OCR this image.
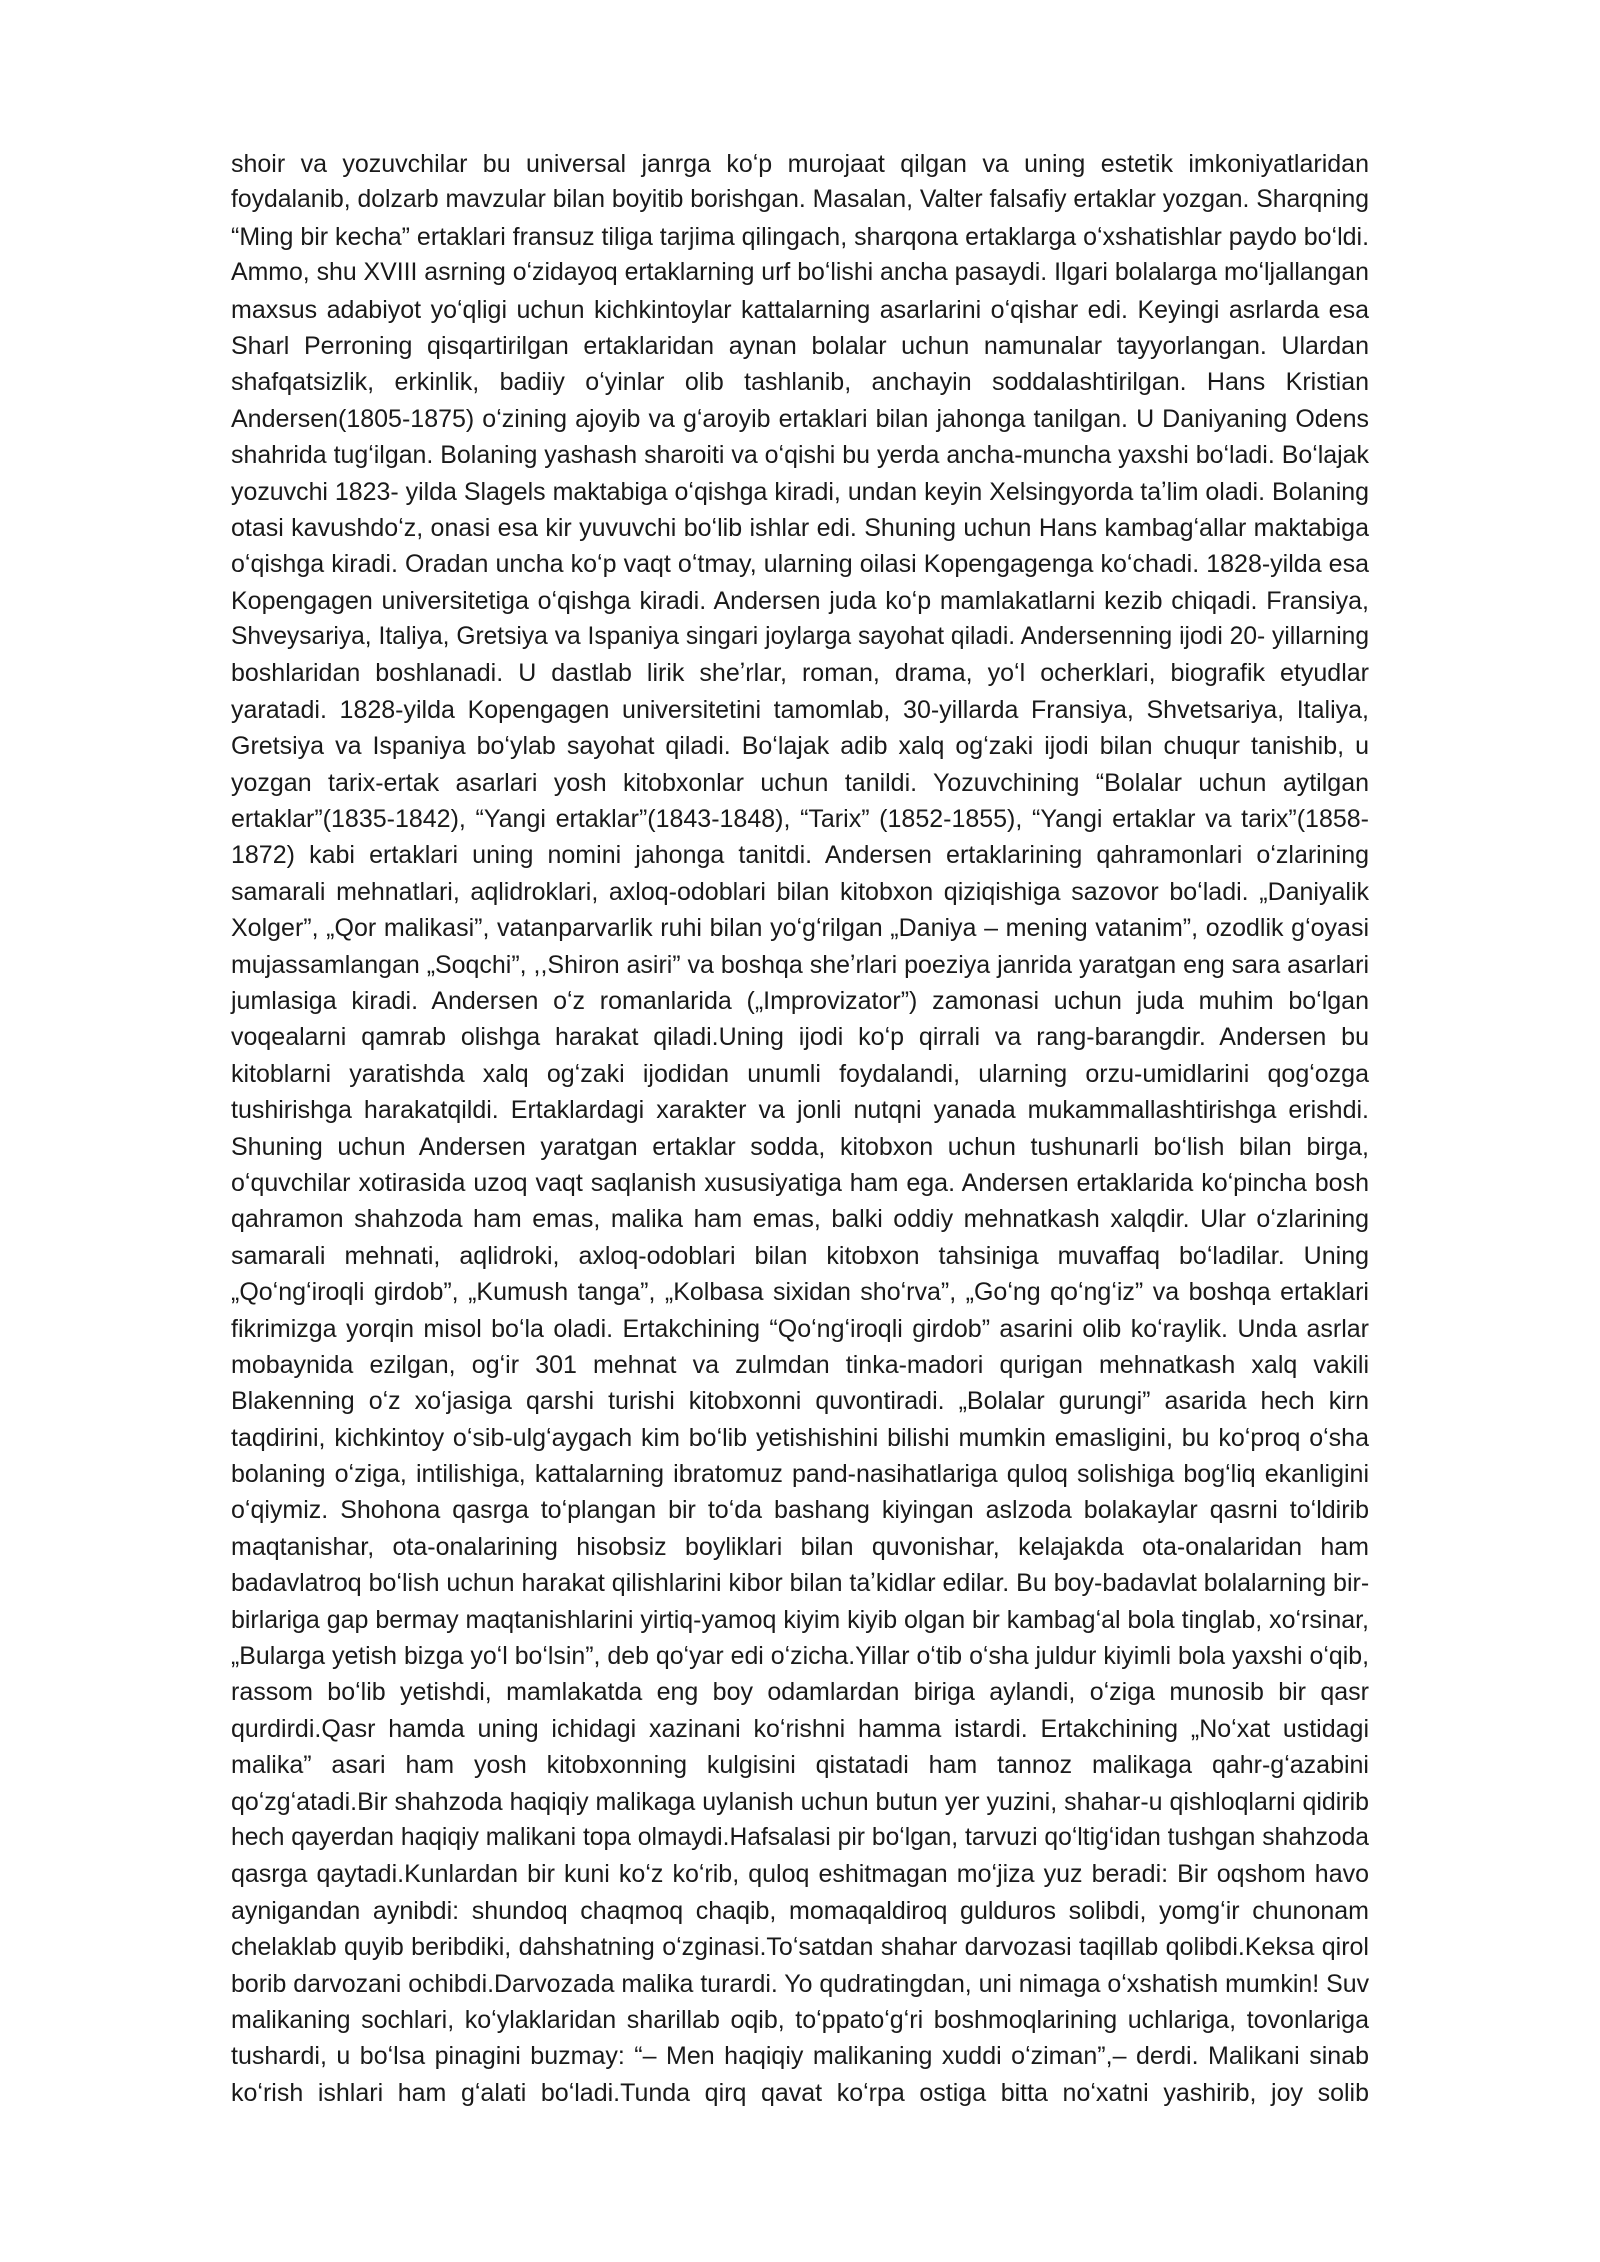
shoir va yozuvchilar bu universal janrga koʻp murojaat qilgan va uning estetik imkoniyatlaridan
foydalanib, dolzarb mavzular bilan boyitib borishgan. Masalan, Valter falsafiy ertaklar yozgan. Sharqning
“Ming bir kecha” ertaklari fransuz tiliga tarjima qilingach, sharqona ertaklarga oʻxshatishlar paydo boʻldi.
Ammo, shu XVIII asrning oʻzidayoq ertaklarning urf boʻlishi ancha pasaydi. Ilgari bolalarga moʻljallangan
maxsus adabiyot yoʻqligi uchun kichkintoylar kattalarning asarlarini oʻqishar edi. Keyingi asrlarda esa
Sharl Perroning qisqartirilgan ertaklaridan aynan bolalar uchun namunalar tayyorlangan. Ulardan
shafqatsizlik, erkinlik, badiiy oʻyinlar olib tashlanib, anchayin soddalashtirilgan. Hans Kristian
Andersen(1805-1875) oʻzining ajoyib va gʻaroyib ertaklari bilan jahonga tanilgan. U Daniyaning Odens
shahrida tugʻilgan. Bolaning yashash sharoiti va oʻqishi bu yerda ancha-muncha yaxshi boʻladi. Boʻlajak
yozuvchi 1823- yilda Slagels maktabiga oʻqishga kiradi, undan keyin Xelsingyorda taʼlim oladi. Bolaning
otasi kavushdoʻz, onasi esa kir yuvuvchi boʻlib ishlar edi. Shuning uchun Hans kambagʻallar maktabiga
oʻqishga kiradi. Oradan uncha koʻp vaqt oʻtmay, ularning oilasi Kopengagenga koʻchadi. 1828-yilda esa
Kopengagen universitetiga oʻqishga kiradi. Andersen juda koʻp mamlakatlarni kezib chiqadi. Fransiya,
Shveysariya, Italiya, Gretsiya va Ispaniya singari joylarga sayohat qiladi. Andersenning ijodi 20- yillarning
boshlaridan boshlanadi. U dastlab lirik sheʼrlar, roman, drama, yoʻl ocherklari, biografik etyudlar
yaratadi. 1828-yilda Kopengagen universitetini tamomlab, 30-yillarda Fransiya, Shvetsariya, Italiya,
Gretsiya va Ispaniya boʻylab sayohat qiladi. Boʻlajak adib xalq ogʻzaki ijodi bilan chuqur tanishib, u
yozgan tarix-ertak asarlari yosh kitobxonlar uchun tanildi. Yozuvchining “Bolalar uchun aytilgan
ertaklar”(1835-1842), “Yangi ertaklar”(1843-1848), “Tarix” (1852-1855), “Yangi ertaklar va tarix”(1858-
1872) kabi ertaklari uning nomini jahonga tanitdi. Andersen ertaklarining qahramonlari oʻzlarining
samarali mehnatlari, aqlidroklari, axloq-odoblari bilan kitobxon qiziqishiga sazovor boʻladi. „Daniyalik
Xolger”, „Qor malikasi”, vatanparvarlik ruhi bilan yoʻgʻrilgan „Daniya – mening vatanim”, ozodlik gʻoyasi
mujassamlangan „Soqchi”, ,,Shiron asiri” va boshqa sheʼrlari poeziya janrida yaratgan eng sara asarlari
jumlasiga kiradi. Andersen oʻz romanlarida („Improvizator”) zamonasi uchun juda muhim boʻlgan
voqealarni qamrab olishga harakat qiladi.Uning ijodi koʻp qirrali va rang-barangdir. Andersen bu
kitoblarni yaratishda xalq ogʻzaki ijodidan unumli foydalandi, ularning orzu-umidlarini qogʻozga
tushirishga harakatqildi. Ertaklardagi xarakter va jonli nutqni yanada mukammallashtirishga erishdi.
Shuning uchun Andersen yaratgan ertaklar sodda, kitobxon uchun tushunarli boʻlish bilan birga,
oʻquvchilar xotirasida uzoq vaqt saqlanish xususiyatiga ham ega. Andersen ertaklarida koʻpincha bosh
qahramon shahzoda ham emas, malika ham emas, balki oddiy mehnatkash xalqdir. Ular oʻzlarining
samarali mehnati, aqlidroki, axloq-odoblari bilan kitobxon tahsiniga muvaffaq boʻladilar. Uning
„Qoʻngʻiroqli girdob”, „Kumush tanga”, „Kolbasa sixidan shoʻrva”, „Goʻng qoʻngʻiz” va boshqa ertaklari
fikrimizga yorqin misol boʻla oladi. Ertakchining “Qoʻngʻiroqli girdob” asarini olib koʻraylik. Unda asrlar
mobaynida ezilgan, ogʻir 301 mehnat va zulmdan tinka-madori qurigan mehnatkash xalq vakili
Blakenning oʻz xoʻjasiga qarshi turishi kitobxonni quvontiradi. „Bolalar gurungi” asarida hech kirn
taqdirini, kichkintoy oʻsib-ulgʻaygach kim boʻlib yetishishini bilishi mumkin emasligini, bu koʻproq oʻsha
bolaning oʻziga, intilishiga, kattalarning ibratomuz pand-nasihatlariga quloq solishiga bogʻliq ekanligini
oʻqiymiz. Shohona qasrga toʻplangan bir toʻda bashang kiyingan aslzoda bolakaylar qasrni toʻldirib
maqtanishar, ota-onalarining hisobsiz boyliklari bilan quvonishar, kelajakda ota-onalaridan ham
badavlatroq boʻlish uchun harakat qilishlarini kibor bilan taʼkidlar edilar. Bu boy-badavlat bolalarning bir-
birlariga gap bermay maqtanishlarini yirtiq-yamoq kiyim kiyib olgan bir kambagʻal bola tinglab, xoʻrsinar,
„Bularga yetish bizga yoʻl boʻlsin”, deb qoʻyar edi oʻzicha.Yillar oʻtib oʻsha juldur kiyimli bola yaxshi oʻqib,
rassom boʻlib yetishdi, mamlakatda eng boy odamlardan biriga aylandi, oʻziga munosib bir qasr
qurdirdi.Qasr hamda uning ichidagi xazinani koʻrishni hamma istardi. Ertakchining „Noʻxat ustidagi
malika” asari ham yosh kitobxonning kulgisini qistatadi ham tannoz malikaga qahr-gʻazabini
qoʻzgʻatadi.Bir shahzoda haqiqiy malikaga uylanish uchun butun yer yuzini, shahar-u qishloqlarni qidirib
hech qayerdan haqiqiy malikani topa olmaydi.Hafsalasi pir boʻlgan, tarvuzi qoʻltigʻidan tushgan shahzoda
qasrga qaytadi.Kunlardan bir kuni koʻz koʻrib, quloq eshitmagan moʻjiza yuz beradi: Bir oqshom havo
aynigandan aynibdi: shundoq chaqmoq chaqib, momaqaldiroq gulduros solibdi, yomgʻir chunonam
chelaklab quyib beribdiki, dahshatning oʻzginasi.Toʻsatdan shahar darvozasi taqillab qolibdi.Keksa qirol
borib darvozani ochibdi.Darvozada malika turardi. Yo qudratingdan, uni nimaga oʻxshatish mumkin! Suv
malikaning sochlari, koʻylaklaridan sharillab oqib, toʻppatoʻgʻri boshmoqlarining uchlariga, tovonlariga
tushardi, u boʻlsa pinagini buzmay: “– Men haqiqiy malikaning xuddi oʻziman”,– derdi. Malikani sinab
koʻrish ishlari ham gʻalati boʻladi.Tunda qirq qavat koʻrpa ostiga bitta noʻxatni yashirib, joy solib
